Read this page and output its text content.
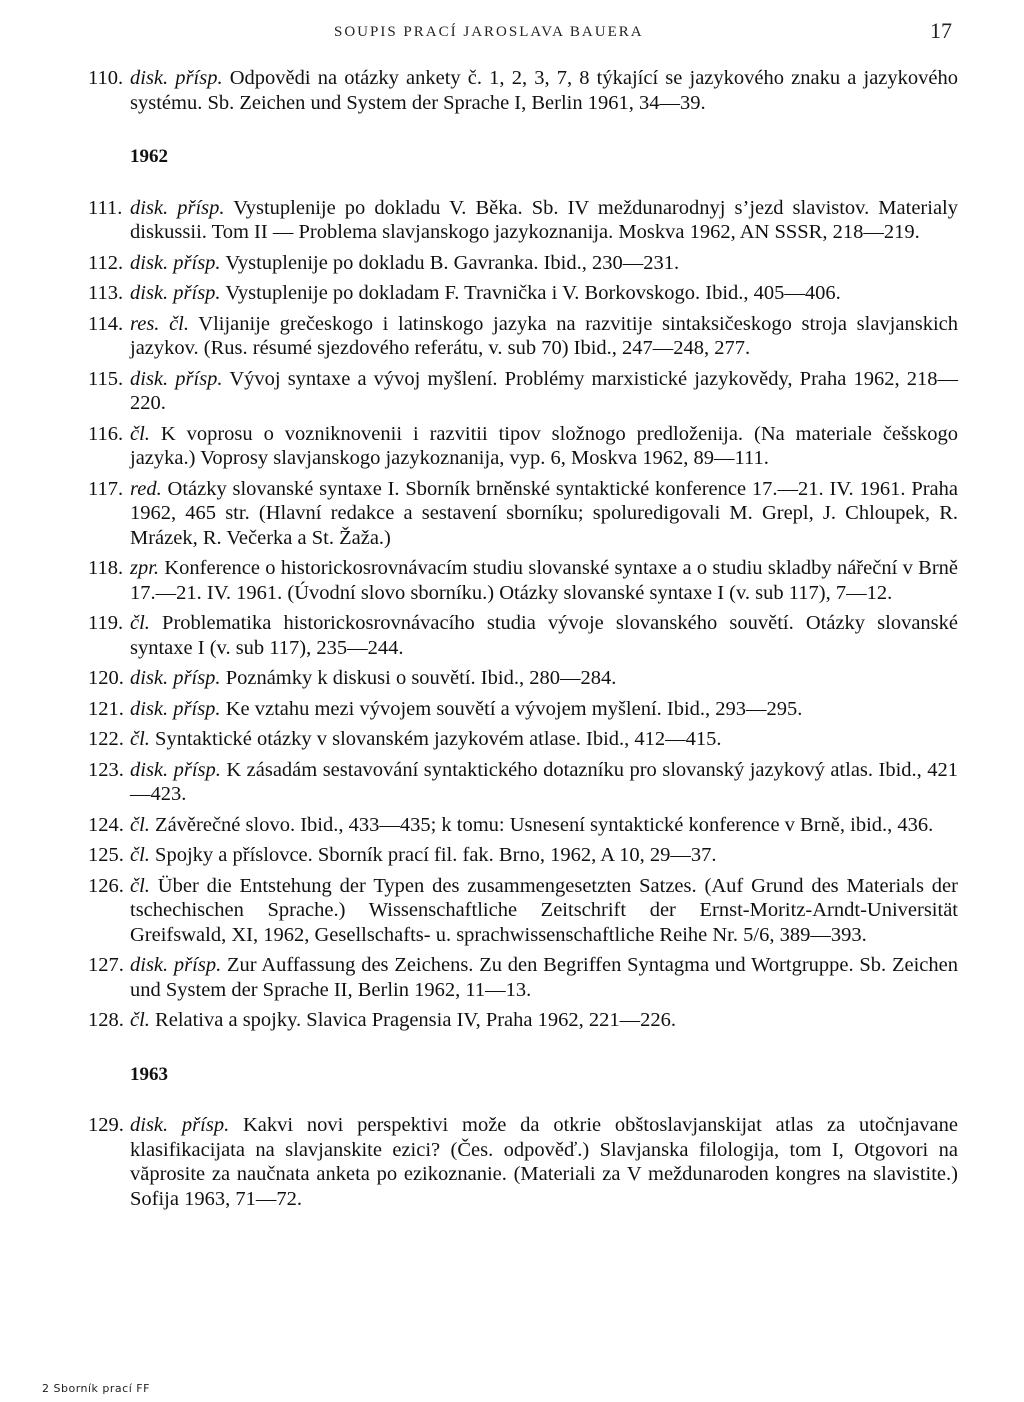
SOUPIS PRACÍ JAROSLAVA BAUERA	17
110. disk. přísp. Odpovědi na otázky ankety č. 1, 2, 3, 7, 8 týkající se jazykového znaku a jazykového systému. Sb. Zeichen und System der Sprache I, Berlin 1961, 34—39.
1962
111. disk. přísp. Vystuplenije po dokladu V. Běka. Sb. IV meždunarodnyj s’jezd slavistov. Materialy diskussii. Tom II — Problema slavjanskogo jazykoznanija. Moskva 1962, AN SSSR, 218—219.
112. disk. přísp. Vystuplenije po dokladu B. Gavranka. Ibid., 230—231.
113. disk. přísp. Vystuplenije po dokladam F. Travnička i V. Borkovskogo. Ibid., 405—406.
114. res. čl. Vlijanije grečeskogo i latinskogo jazyka na razvitije sintaksičeskogo stroja slavjanskich jazykov. (Rus. résumé sjezdového referátu, v. sub 70) Ibid., 247—248, 277.
115. disk. přísp. Vývoj syntaxe a vývoj myšlení. Problémy marxistické jazykovědy, Praha 1962, 218—220.
116. čl. K voprosu o vozniknovenii i razvitii tipov složnogo predloženija. (Na materiale češskogo jazyka.) Voprosy slavjanskogo jazykoznanija, vyp. 6, Moskva 1962, 89—111.
117. red. Otázky slovanské syntaxe I. Sborník brněnské syntaktické konference 17.—21. IV. 1961. Praha 1962, 465 str. (Hlavní redakce a sestavení sborníku; spoluredigovali M. Grepl, J. Chloupek, R. Mrázek, R. Večerka a St. Žaža.)
118. zpr. Konference o historickosrovnávacím studiu slovanské syntaxe a o studiu skladby nářeční v Brně 17.—21. IV. 1961. (Úvodní slovo sborníku.) Otázky slovanské syntaxe I (v. sub 117), 7—12.
119. čl. Problematika historickosrovnávacího studia vývoje slovanského souvětí. Otázky slovanské syntaxe I (v. sub 117), 235—244.
120. disk. přísp. Poznámky k diskusi o souvětí. Ibid., 280—284.
121. disk. přísp. Ke vztahu mezi vývojem souvětí a vývojem myšlení. Ibid., 293—295.
122. čl. Syntaktické otázky v slovanském jazykovém atlase. Ibid., 412—415.
123. disk. přísp. K zásadám sestavování syntaktického dotazníku pro slovanský jazykový atlas. Ibid., 421—423.
124. čl. Závěrečné slovo. Ibid., 433—435; k tomu: Usnesení syntaktické konference v Brně, ibid., 436.
125. čl. Spojky a příslovce. Sborník prací fil. fak. Brno, 1962, A 10, 29—37.
126. čl. Über die Entstehung der Typen des zusammengesetzten Satzes. (Auf Grund des Materials der tschechischen Sprache.) Wissenschaftliche Zeitschrift der Ernst-Moritz-Arndt-Universität Greifswald, XI, 1962, Gesellschafts- u. sprachwissenschaftliche Reihe Nr. 5/6, 389—393.
127. disk. přísp. Zur Auffassung des Zeichens. Zu den Begriffen Syntagma und Wortgruppe. Sb. Zeichen und System der Sprache II, Berlin 1962, 11—13.
128. čl. Relativa a spojky. Slavica Pragensia IV, Praha 1962, 221—226.
1963
129. disk. přísp. Kakvi novi perspektivi može da otkrie obštoslavjanskijat atlas za utočnjavane klasifikacijata na slavjanskite ezici? (Čes. odpověď.) Slavjanska filologija, tom I, Otgovori na văprosite za naučnata anketa po ezikoznanie. (Materiali za V meždunaroden kongres na slavistite.) Sofija 1963, 71—72.
2 Sborník prací FF
